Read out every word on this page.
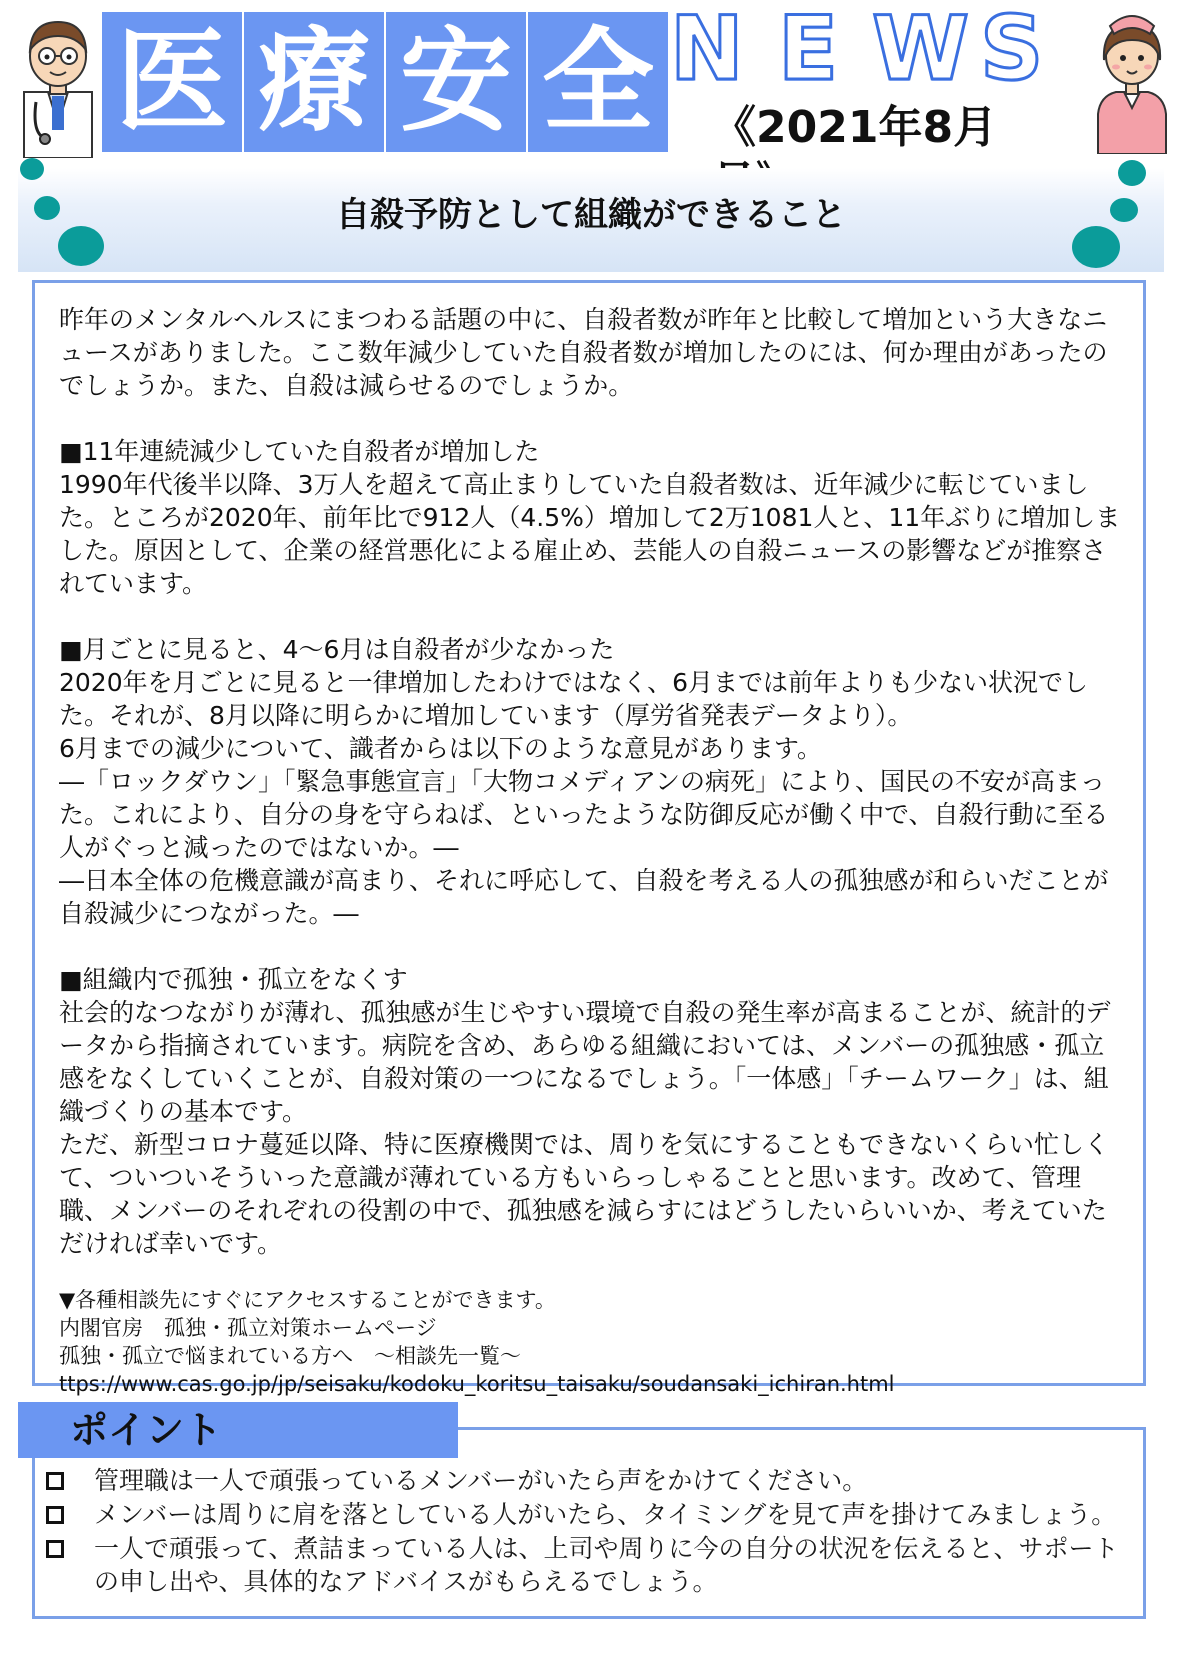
医 療 安 全 N E W S
《2021年8月
自殺予防として組織ができること

昨年のメンタルヘルスにまつわる話題の中に、自殺者数が昨年と比較して増加という大きなニュースがありました。ここ数年減少していた自殺者数が増加したのには、何か理由があったのでしょうか。また、自殺は減らせるのでしょうか。

■11年連続減少していた自殺者が増加した

1990年代後半以降、3万人を超えて高止まりしていた自殺者数は、近年減少に転じていました。ところが2020年、前年比で912人（4.5%）増加して2万1081人と、11年ぶりに増加しました。原因として、企業の経営悪化による雇止め、芸能人の自殺ニュースの影響などが推察されています。

■月ごとに見ると、4～6月は自殺者が少なかった

2020年を月ごとに見ると一律増加したわけではなく、6月までは前年よりも少ない状況でした。それが、8月以降に明らかに増加しています（厚労省発表データより）。

6月までの減少について、識者からは以下のような意見があります。

―「ロックダウン」「緊急事態宣言」「大物コメディアンの病死」により、国民の不安が高まった。これにより、自分の身を守らねば、といったような防御反応が働く中で、自殺行動に至る人がぐっと減ったのではないか。―

―日本全体の危機意識が高まり、それに呼応して、自殺を考える人の孤独感が和らいだことが自殺減少につながった。―

■組織内で孤独・孤立をなくす

社会的なつながりが薄れ、孤独感が生じやすい環境で自殺の発生率が高まることが、統計的データから指摘されています。病院を含め、あらゆる組織においては、メンバーの孤独感・孤立感をなくしていくことが、自殺対策の一つになるでしょう。「一体感」「チームワーク」は、組織づくりの基本です。

ただ、新型コロナ蔓延以降、特に医療機関では、周りを気にすることもできないくらい忙しくて、ついついそういった意識が薄れている方もいらっしゃることと思います。改めて、管理職、メンバーのそれぞれの役割の中で、孤独感を減らすにはどうしたいらいいか、考えていただければ幸いです。

▼各種相談先にすぐにアクセスすることができます。

内閣官房　孤独・孤立対策ホームページ

孤独・孤立で悩まれている方へ　～相談先一覧～

ttps://www.cas.go.jp/jp/seisaku/kodoku_koritsu_taisaku/soudansaki_ichiran.html

ポイント
管理職は一人で頑張っているメンバーがいたら声をかけてください。
メンバーは周りに肩を落としている人がいたら、タイミングを見て声を掛けてみましょう。
一人で頑張って、煮詰まっている人は、上司や周りに今の自分の状況を伝えると、サポートの申し出や、具体的なアドバイスがもらえるでしょう。
